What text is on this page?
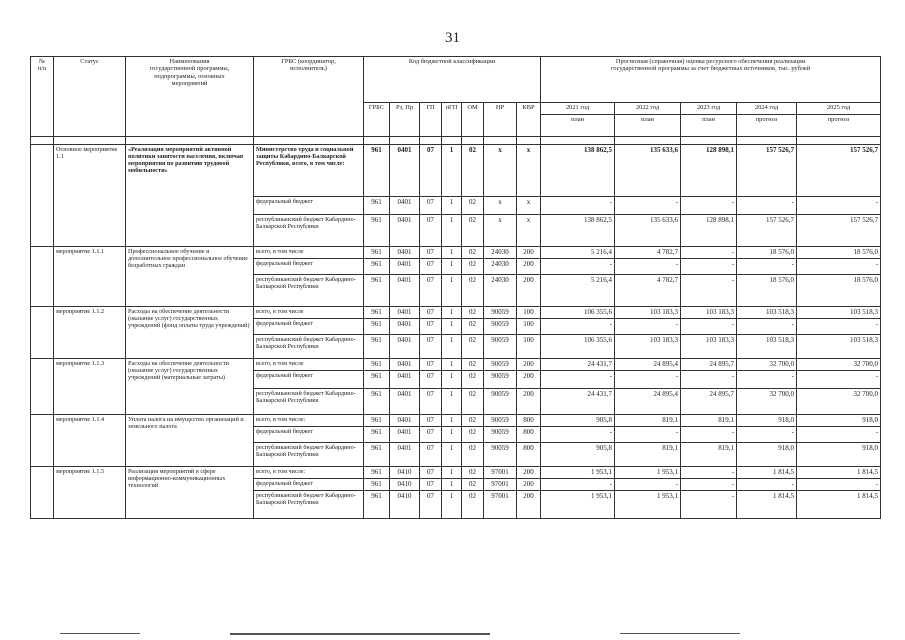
31
№
п/п	Статус	Наименования
государственной программы,
подпрограммы, основных
мероприятий	ГРБС (координатор,
исполнитель)	Код бюджетной классификации							Прогнозная (справочная) оценка ресурсного обеспечения реализации
государственной программы за счет бюджетных источников, тыс. рублей				
				ГРБС	Рз, Пр	ГП	пГП	ОМ	НР	КВР	2021 год	2022 год	2023 год	2024 год	2025 год
											план	план	план	прогноз	прогноз

	Основное мероприятие 1.1	«Реализация мероприятий активной политики занятости населения, включая мероприятия по развитию трудовой мобильности»	Министерство труда и социальной защиты Кабардино-Балкарской Республики, всего, в том числе:	961	0401	07	1	02	х	х	138 862,5	135 633,6	128 898,1	157 526,7	157 526,7
			федеральный бюджет	961	0401	07	1	02	х	х	-	-	-	-	-
			республиканский бюджет Кабардино-Балкарской Республики	961	0401	07	1	02	х	х	138 862,5	135 633,6	128 898,1	157 526,7	157 526,7
	мероприятие 1.1.1	Профессиональное обучение и дополнительное профессиональное обучение безработных граждан	всего, в том числе	961	0401	07	1	02	24030	200	5 216,4	4 782,7	-	18 576,0	18 576,0
			федеральный бюджет	961	0401	07	1	02	24030	200	-	-	-	-	-
			республиканский бюджет Кабардино-Балкарской Республики	961	0401	07	1	02	24030	200	5 216,4	4 782,7	-	18 576,0	18 576,0
	мероприятие 1.1.2	Расходы на обеспечение деятельности (оказание услуг) государственных учреждений (фонд оплаты труда учреждений)	всего, в том числе	961	0401	07	1	02	90059	100	106 355,6	103 183,3	103 183,3	103 518,3	103 518,3
			федеральный бюджет	961	0401	07	1	02	90059	100	-	-	-	-	-
			республиканский бюджет Кабардино-Балкарской Республики	961	0401	07	1	02	90059	100	106 355,6	103 183,3	103 183,3	103 518,3	103 518,3
	мероприятие 1.1.3	Расходы на обеспечение деятельности (оказание услуг) государственных учреждений (материальные затраты)	всего, в том числе	961	0401	07	1	02	90059	200	24 431,7	24 895,4	24 895,7	32 700,0	32 700,0
			федеральный бюджет	961	0401	07	1	02	90059	200	-	-	-	-	-
			республиканский бюджет Кабардино-Балкарской Республики	961	0401	07	1	02	90059	200	24 431,7	24 895,4	24 895,7	32 700,0	32 700,0
	мероприятие 1.1.4	Уплата налога на имущество организаций и земельного налога	всего, в том числе:	961	0401	07	1	02	90059	800	905,8	819,1	819,1	918,0	918,0
			федеральный бюджет	961	0401	07	1	02	90059	800	-	-	-	-	-
			республиканский бюджет Кабардино-Балкарской Республики	961	0401	07	1	02	90059	800	905,8	819,1	819,1	918,0	918,0
	мероприятие 1.1.5	Реализация мероприятий в сфере информационно-коммуникационных технологий	всего, в том числе:	961	0410	07	1	02	97001	200	1 953,1	1 953,1	-	1 814,5	1 814,5
			федеральный бюджет	961	0410	07	1	02	97001	200	-	-	-	-	-
			республиканский бюджет Кабардино-Балкарской Республики	961	0410	07	1	02	97001	200	1 953,1	1 953,1	-	1 814,5	1 814,5
